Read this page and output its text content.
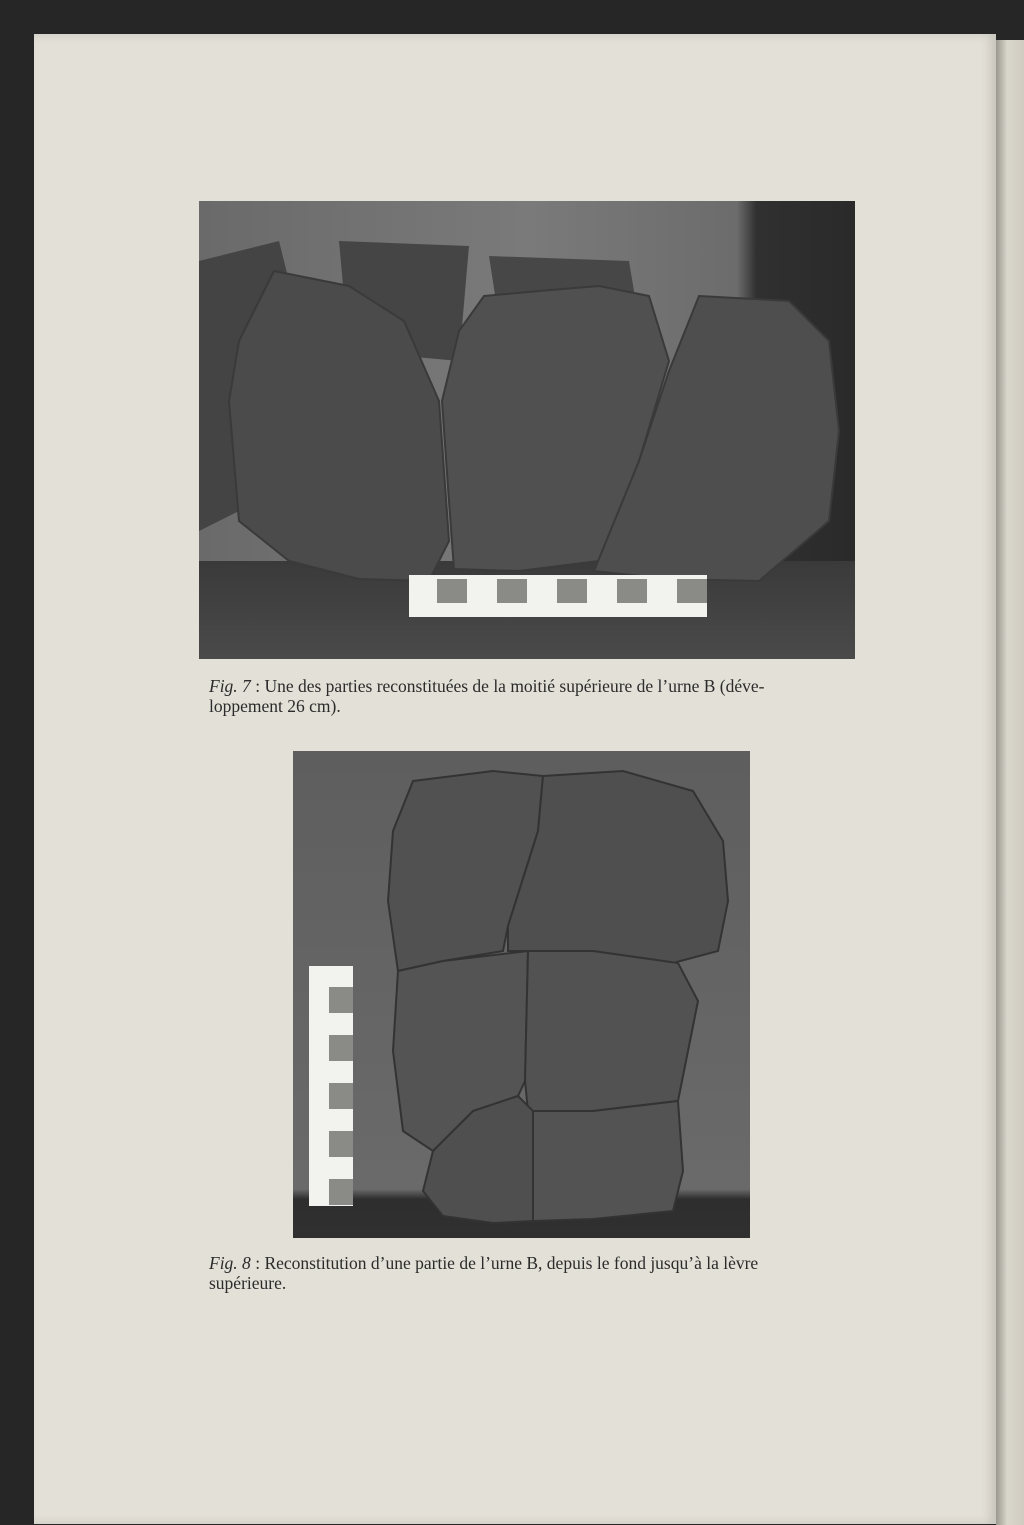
Fig. 7 : Une des parties reconstituées de la moitié supérieure de l’urne B (déve-
loppement 26 cm).

Fig. 8 : Reconstitution d’une partie de l’urne B, depuis le fond jusqu’à la lèvre
supérieure.
